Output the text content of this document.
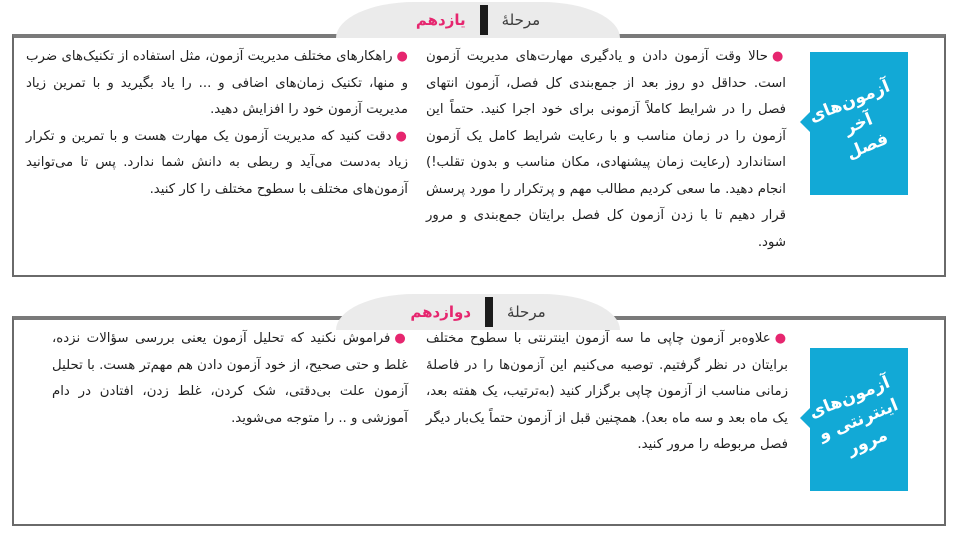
●حالا وقت آزمون دادن و یادگیری مهارت‌های مدیریت آزمون است. حداقل دو روز بعد از جمع‌بندی کل فصل، آزمون انتهای فصل را در شرایط کاملاً آزمونی برای خود اجرا کنید. حتماً این آزمون را در زمان مناسب و با رعایت شرایط کامل یک آزمون استاندارد (رعایت زمان پیشنهادی، مکان مناسب و بدون تقلب!) انجام دهید. ما سعی کردیم مطالب مهم و پرتکرار را مورد پرسش قرار دهیم تا با زدن آزمون کل فصل برایتان جمع‌بندی و مرور شود.

●راهکارهای مختلف مدیریت آزمون، مثل استفاده از تکنیک‌های ضرب و منها، تکنیک زمان‌های اضافی و ... را یاد بگیرید و با تمرین زیاد مدیریت آزمون خود را افزایش دهید.

●دقت کنید که مدیریت آزمون یک مهارت هست و با تمرین و تکرار زیاد به‌دست می‌آید و ربطی به دانش شما ندارد. پس تا می‌توانید آزمون‌های مختلف با سطوح مختلف را کار کنید.

مرحلۀ
یازدهم
آزمون‌های
آخر
فصل

●علاوه‌بر آزمون چاپی ما سه آزمون اینترنتی با سطوح مختلف برایتان در نظر گرفتیم. توصیه می‌کنیم این آزمون‌ها را در فاصلۀ زمانی مناسب از آزمون چاپی برگزار کنید (به‌ترتیب، یک هفته بعد، یک ماه بعد و سه ماه بعد). همچنین قبل از آزمون حتماً یک‌بار دیگر فصل مربوطه را مرور کنید.

●فراموش نکنید که تحلیل آزمون یعنی بررسی سؤالات نزده، غلط و حتی صحیح، از خود آزمون دادن هم مهم‌تر هست. با تحلیل آزمون علت بی‌دقتی، شک کردن، غلط زدن، افتادن در دام آموزشی و .. را متوجه می‌شوید.

مرحلۀ
دوازدهم
آزمون‌های
اینترنتی و
مرور
